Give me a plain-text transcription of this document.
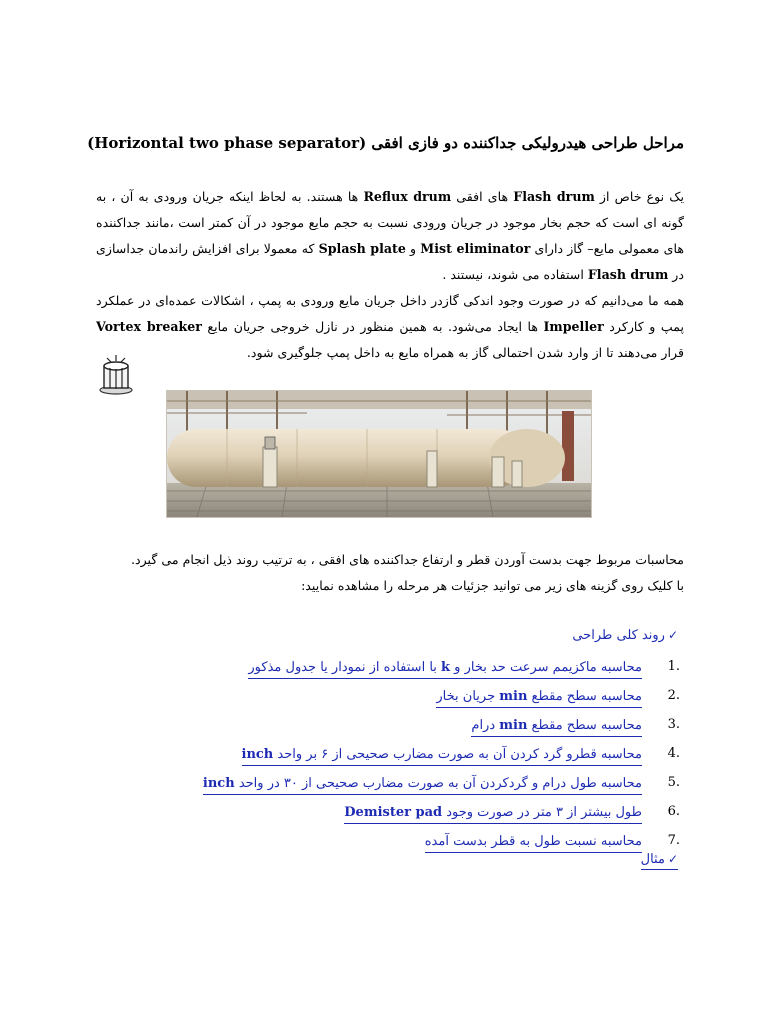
مراحل طراحی هیدرولیکی جداکننده دو فازی افقی (Horizontal two phase separator)

یک نوع خاص از Flash drum های افقی Reflux drum ها هستند. به لحاظ اینکه جریان ورودی به آن ، به گونه ای است که حجم بخار موجود در جریان ورودی نسبت به حجم مایع موجود در آن کمتر است ،مانند جداکننده های معمولی مایع– گاز دارای Mist eliminator و Splash plate که معمولا برای افزایش راندمان جداسازی در Flash drum استفاده می شوند، نیستند .

همه ما می‌دانیم که در صورت وجود اندکی گازدر داخل جریان مایع ورودی به پمپ ، اشکالات عمده‌ای در عملکرد پمپ و کارکرد Impeller ها ایجاد می‌شود. به همین منظور در نازل خروجی جریان مایع Vortex breaker قرار می‌دهند تا از وارد شدن احتمالی گاز به همراه مایع به داخل پمپ جلوگیری شود.

محاسبات مربوط جهت بدست آوردن قطر و ارتفاع جداکننده های افقی ، به ترتیب روند ذیل انجام می گیرد.
با کلیک روی گزینه های زیر می توانید جزئیات هر مرحله را مشاهده نمایید:
✓روند کلی طراحی
.1
محاسبه ماکزیمم سرعت حد بخار و k با استفاده از نمودار یا جدول مذکور
.2
محاسبه سطح مقطع min جریان بخار
.3
محاسبه سطح مقطع min درام
.4
محاسبه قطرو گرد کردن آن به صورت مضارب صحیحی از ۶ بر واحد inch
.5
محاسبه طول درام و گردکردن آن به صورت مضارب صحیحی از ۳۰ در واحد inch
.6
طول بیشتر از ۳ متر در صورت وجود Demister pad
.7
محاسبه نسبت طول به قطر بدست آمده
✓مثال
